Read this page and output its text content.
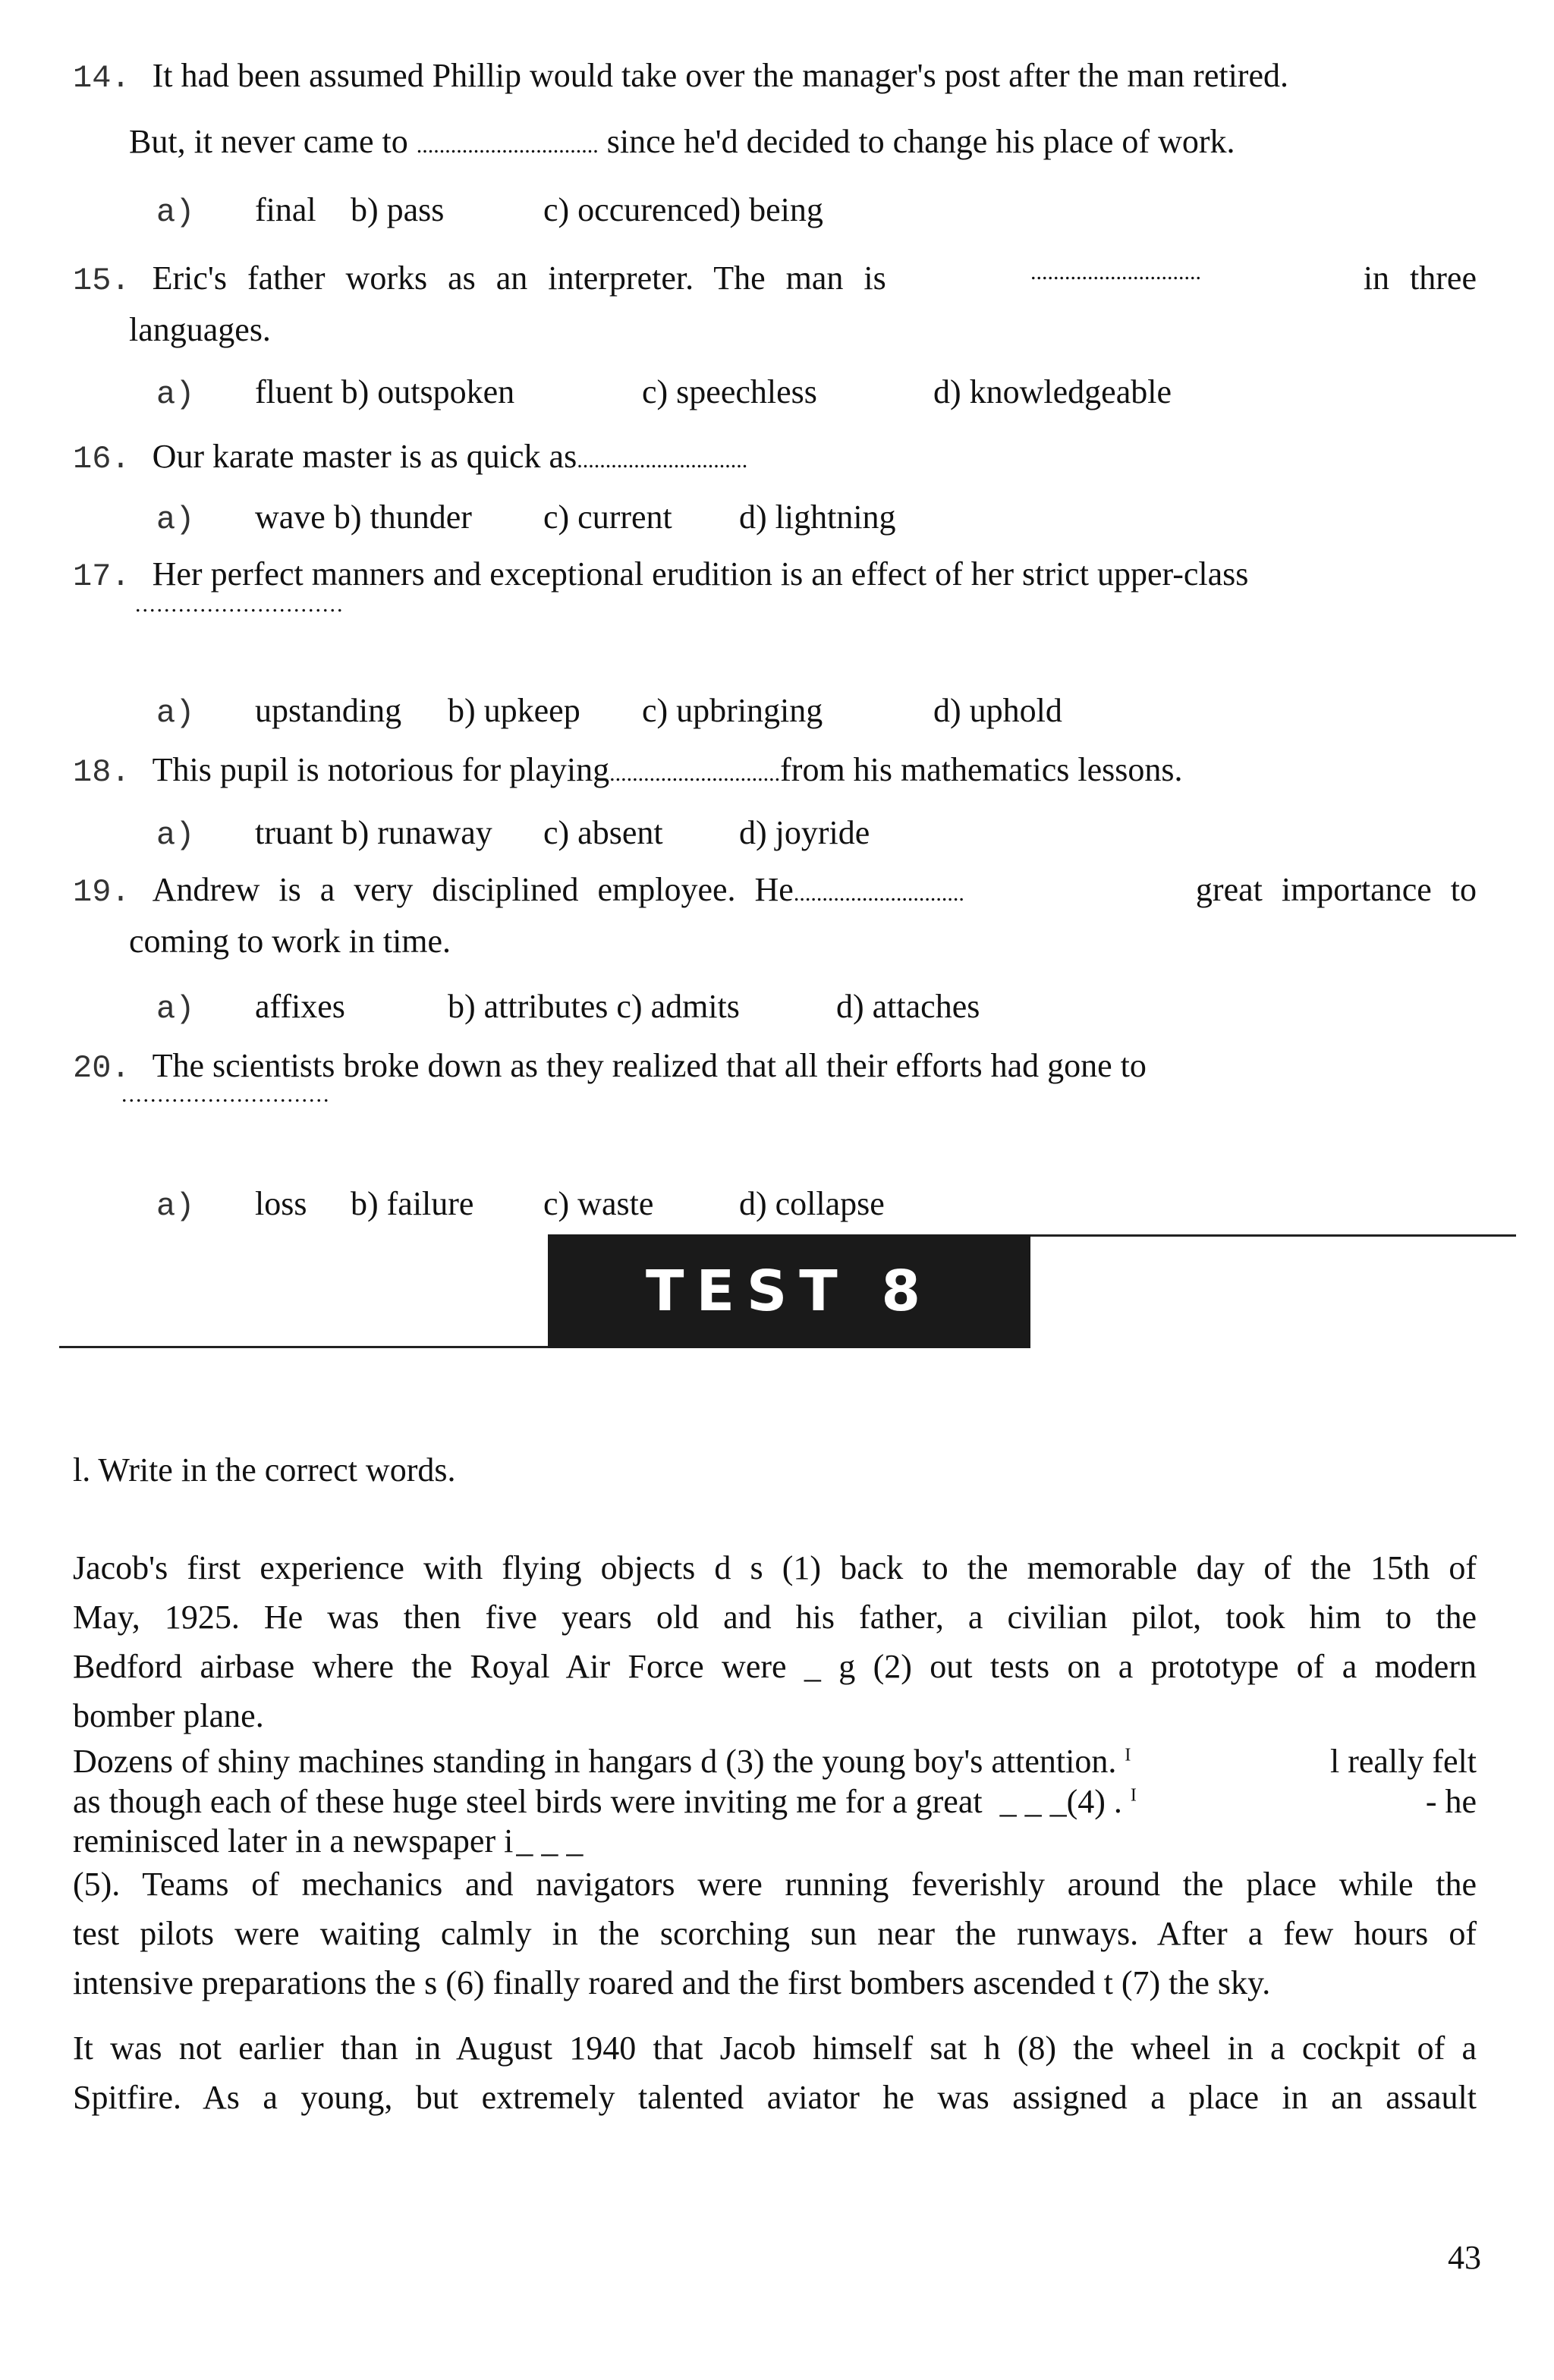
14. It had been assumed Phillip would take over the manager's post after the man retired.
But, it never came to ................................ since he'd decided to change his place of work.
a) final b) pass	c) occurenced) being
15. Eric's father works as an interpreter. The man is	..............................	in three
languages.
a) fluent b) outspoken	c) speechless	d) knowledgeable
16. Our karate master is as quick as..............................
a) wave b) thunder c) current d) lightning
17. Her perfect manners and exceptional erudition is an effect of her strict upper-class
.............................
a) upstanding b) upkeep c) upbringing	d) uphold
18. This pupil is notorious for playing..............................from his mathematics lessons.
a) truant b) runaway c) absent d) joyride
19. Andrew is a very disciplined employee. He..............................	great importance to
coming to work in time.
a) affixes	b) attributes c) admits	d) attaches
20. The scientists broke down as they realized that all their efforts had gone to
.............................
a) loss b) failure c) waste	d) collapse
TEST 8
l. Write in the correct words.
Jacob's first experience with flying objects d s (1) back to the memorable day of the 15th of
May, 1925. He was then five years old and his father, a civilian pilot, took him to the
Bedford airbase where the Royal Air Force were _ g (2) out tests on a prototype of a modern
bomber plane.
Dozens of shiny machines standing in hangars d (3) the young boy's attention. $^I$	l really felt
as though each of these huge steel birds were inviting me for a great _ _ _(4) . $^I$	- he
reminisced later in a newspaper i_ _ _
(5). Teams of mechanics and navigators were running feverishly around the place while the
test pilots were waiting calmly in the scorching sun near the runways. After a few hours of
intensive preparations the s (6) finally roared and the first bombers ascended t (7) the sky.
It was not earlier than in August 1940 that Jacob himself sat h (8) the wheel in a cockpit of a
Spitfire. As a young, but extremely talented aviator he was assigned a place in an assault
43
